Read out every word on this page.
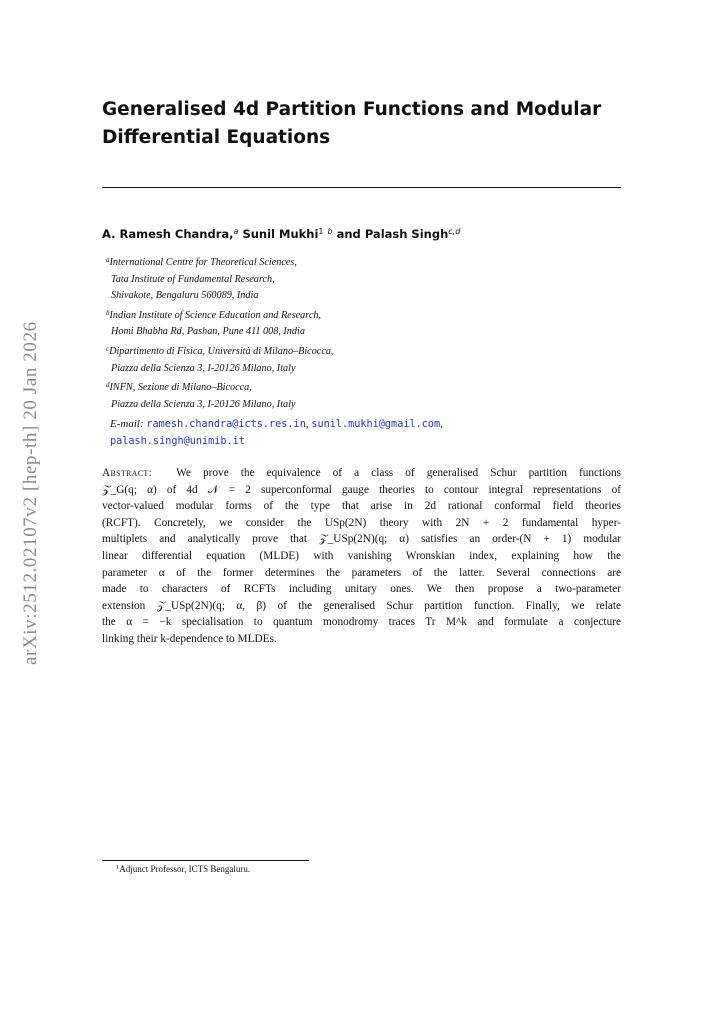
arXiv:2512.02107v2 [hep-th] 20 Jan 2026
Generalised 4d Partition Functions and Modular
Differential Equations
A. Ramesh Chandra,$^a$ Sunil Mukhi$^1$ $^b$ and Palash Singh$^{c,d}$
$^a$International Centre for Theoretical Sciences,
Tata Institute of Fundamental Research,
Shivakote, Bengaluru 560089, India
$^b$Indian Institute of Science Education and Research,
Homi Bhabha Rd, Pashan, Pune 411 008, India
$^c$Dipartimento di Fisica, Università di Milano–Bicocca,
Piazza della Scienza 3, I-20126 Milano, Italy
$^d$INFN, Sezione di Milano–Bicocca,
Piazza della Scienza 3, I-20126 Milano, Italy
E-mail: ramesh.chandra@icts.res.in, sunil.mukhi@gmail.com,
palash.singh@unimib.it
Abstract: We prove the equivalence of a class of generalised Schur partition functions
𝒵_G(q; α) of 4d 𝒩 = 2 superconformal gauge theories to contour integral representations of
vector-valued modular forms of the type that arise in 2d rational conformal field theories
(RCFT). Concretely, we consider the USp(2N) theory with 2N + 2 fundamental hyper-
multiplets and analytically prove that 𝒵_USp(2N)(q; α) satisfies an order-(N + 1) modular
linear differential equation (MLDE) with vanishing Wronskian index, explaining how the
parameter α of the former determines the parameters of the latter. Several connections are
made to characters of RCFTs including unitary ones. We then propose a two-parameter
extension 𝒵_USp(2N)(q; α, β) of the generalised Schur partition function. Finally, we relate
the α = −k specialisation to quantum monodromy traces Tr M^k and formulate a conjecture
linking their k-dependence to MLDEs.
$^1$Adjunct Professor, ICTS Bengaluru.
